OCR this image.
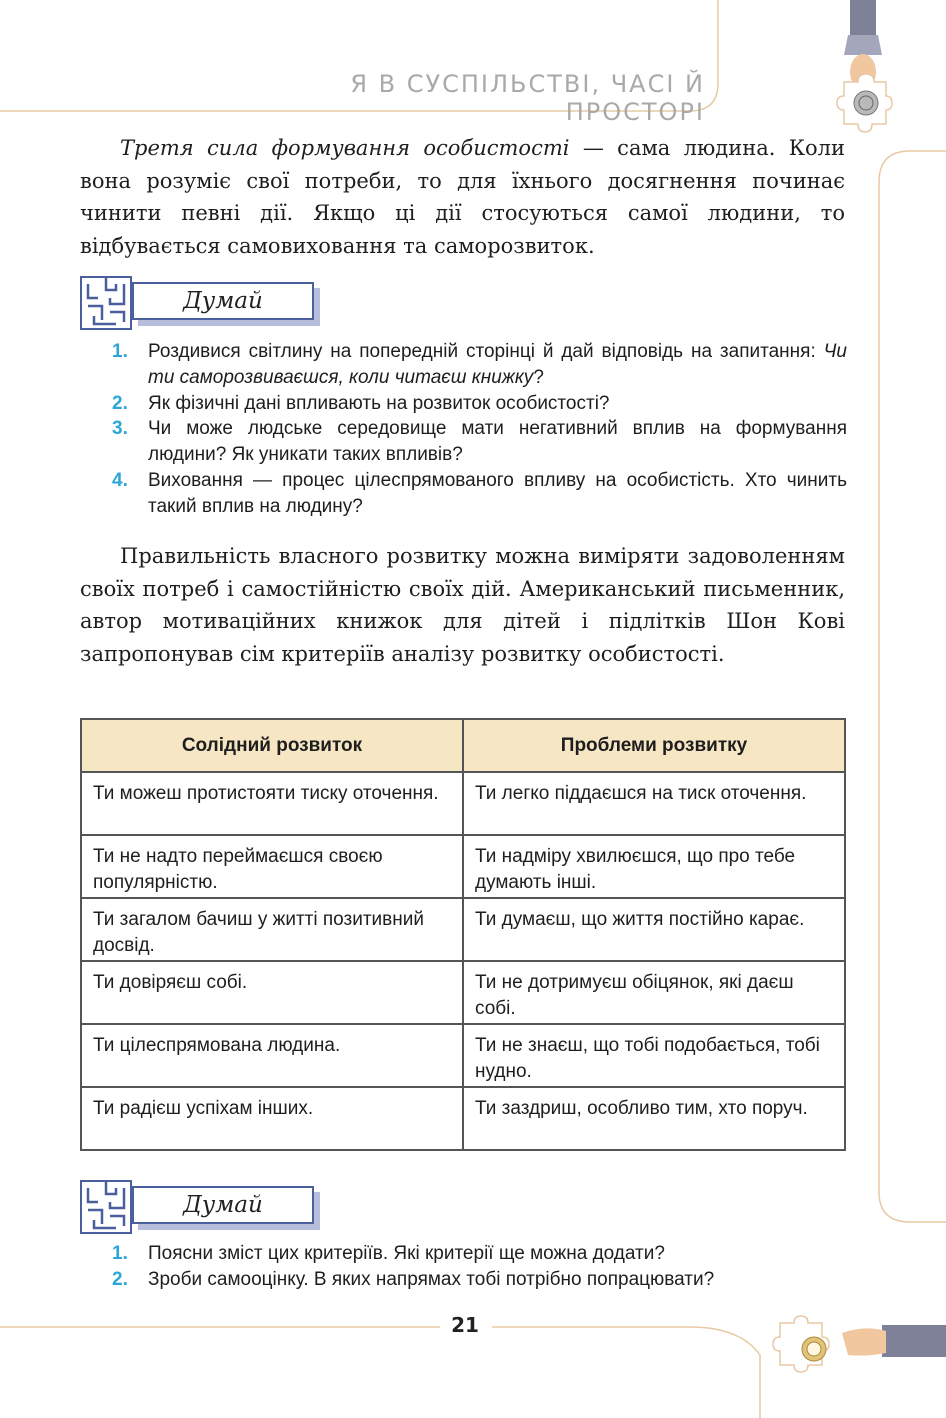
Я В СУСПІЛЬСТВІ, ЧАСІ Й ПРОСТОРІ

Третя сила формування особистості — сама людина. Коли вона розуміє свої потреби, то для їхнього досягнення починає чинити певні дії. Якщо ці дії стосуються самої людини, то відбувається самовиховання та саморозвиток.

Думай
1. Роздивися світлину на попередній сторінці й дай відповідь на запитання: Чи ти саморозвиваєшся, коли читаєш книжку?
2. Як фізичні дані впливають на розвиток особистості?
3. Чи може людське середовище мати негативний вплив на формування людини? Як уникати таких впливів?
4. Виховання — процес цілеспрямованого впливу на особистість. Хто чинить такий вплив на людину?

Правильність власного розвитку можна виміряти задоволенням своїх потреб і самостійністю своїх дій. Американський письменник, автор мотиваційних книжок для дітей і підлітків Шон Кові запропонував сім критеріїв аналізу розвитку особистості.

Солідний розвиток	Проблеми розвитку
Ти можеш протистояти тиску оточення.	Ти легко піддаєшся на тиск оточення.
Ти не надто переймаєшся своєю популярністю.	Ти надміру хвилюєшся, що про тебе думають інші.
Ти загалом бачиш у житті позитивний досвід.	Ти думаєш, що життя постійно карає.
Ти довіряєш собі.	Ти не дотримуєш обіцянок, які даєш собі.
Ти цілеспрямована людина.	Ти не знаєш, що тобі подобається, тобі нудно.
Ти радієш успіхам інших.	Ти заздриш, особливо тим, хто поруч.
Думай
1. Поясни зміст цих критеріїв. Які критерії ще можна додати?
2. Зроби самооцінку. В яких напрямах тобі потрібно попрацювати?
21
